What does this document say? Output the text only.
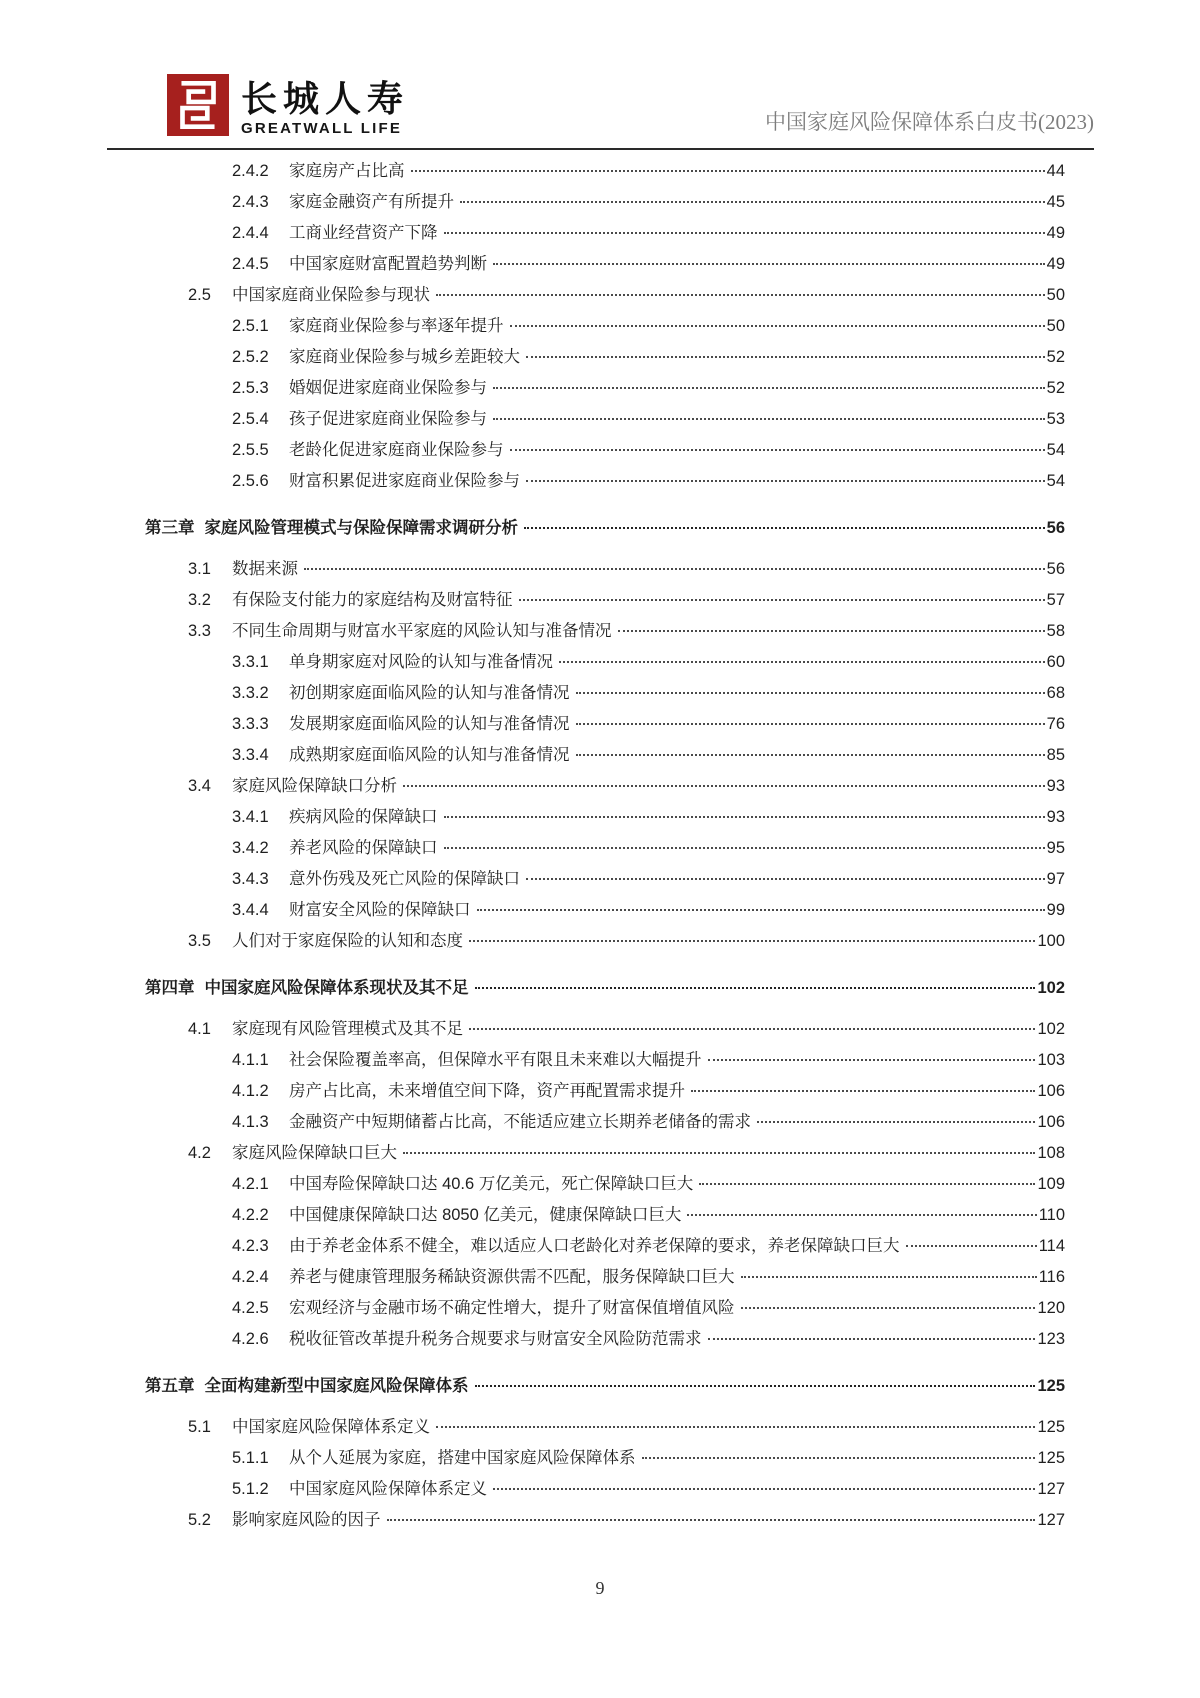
长城人寿
GREATWALL LIFE	中国家庭风险保障体系白皮书(2023)
2.4.2	家庭房产占比高	44
2.4.3	家庭金融资产有所提升	45
2.4.4	工商业经营资产下降	49
2.4.5	中国家庭财富配置趋势判断	49
2.5	中国家庭商业保险参与现状	50
2.5.1	家庭商业保险参与率逐年提升	50
2.5.2	家庭商业保险参与城乡差距较大	52
2.5.3	婚姻促进家庭商业保险参与	52
2.5.4	孩子促进家庭商业保险参与	53
2.5.5	老龄化促进家庭商业保险参与	54
2.5.6	财富积累促进家庭商业保险参与	54
第三章 家庭风险管理模式与保险保障需求调研分析	56
3.1	数据来源	56
3.2	有保险支付能力的家庭结构及财富特征	57
3.3	不同生命周期与财富水平家庭的风险认知与准备情况	58
3.3.1	单身期家庭对风险的认知与准备情况	60
3.3.2	初创期家庭面临风险的认知与准备情况	68
3.3.3	发展期家庭面临风险的认知与准备情况	76
3.3.4	成熟期家庭面临风险的认知与准备情况	85
3.4	家庭风险保障缺口分析	93
3.4.1	疾病风险的保障缺口	93
3.4.2	养老风险的保障缺口	95
3.4.3	意外伤残及死亡风险的保障缺口	97
3.4.4	财富安全风险的保障缺口	99
3.5	人们对于家庭保险的认知和态度	100
第四章 中国家庭风险保障体系现状及其不足	102
4.1	家庭现有风险管理模式及其不足	102
4.1.1	社会保险覆盖率高，但保障水平有限且未来难以大幅提升	103
4.1.2	房产占比高，未来增值空间下降，资产再配置需求提升	106
4.1.3	金融资产中短期储蓄占比高，不能适应建立长期养老储备的需求	106
4.2	家庭风险保障缺口巨大	108
4.2.1	中国寿险保障缺口达 40.6 万亿美元，死亡保障缺口巨大	109
4.2.2	中国健康保障缺口达 8050 亿美元，健康保障缺口巨大	110
4.2.3	由于养老金体系不健全，难以适应人口老龄化对养老保障的要求，养老保障缺口巨大	114
4.2.4	养老与健康管理服务稀缺资源供需不匹配，服务保障缺口巨大	116
4.2.5	宏观经济与金融市场不确定性增大，提升了财富保值增值风险	120
4.2.6	税收征管改革提升税务合规要求与财富安全风险防范需求	123
第五章 全面构建新型中国家庭风险保障体系	125
5.1	中国家庭风险保障体系定义	125
5.1.1	从个人延展为家庭，搭建中国家庭风险保障体系	125
5.1.2	中国家庭风险保障体系定义	127
5.2	影响家庭风险的因子	127
9
